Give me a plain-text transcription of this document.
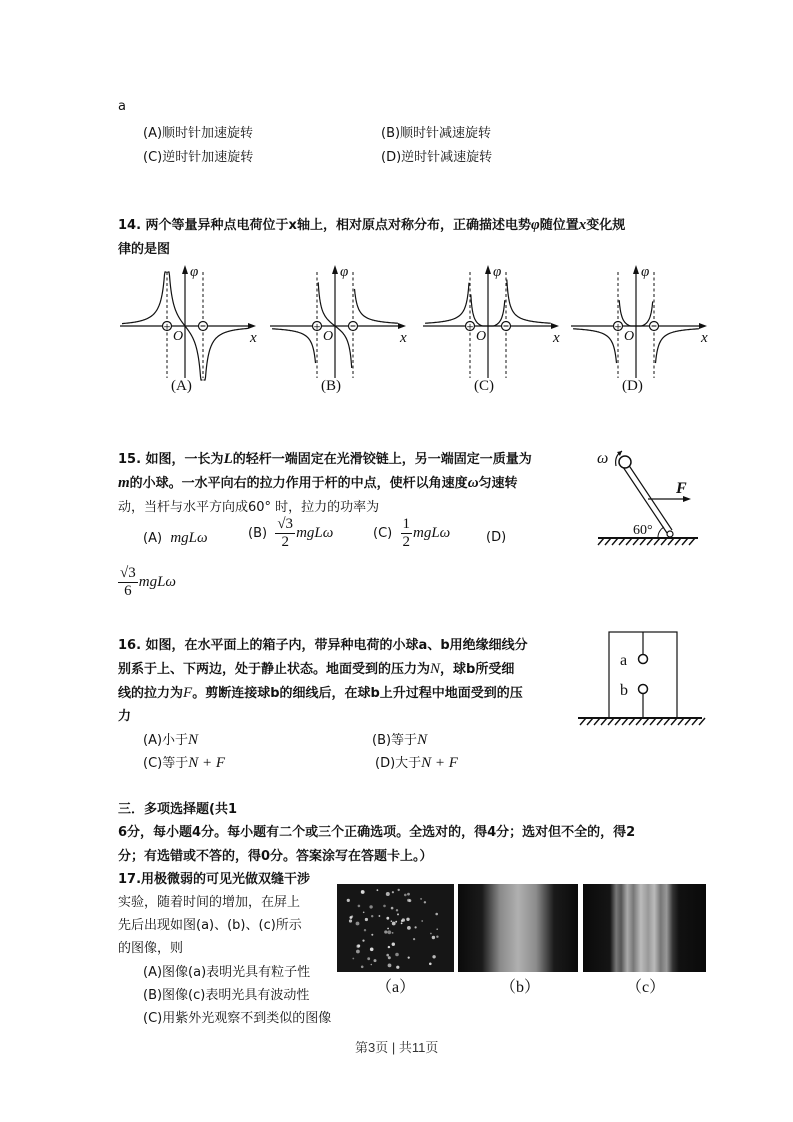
a
(A)顺时针加速旋转	(B)顺时针减速旋转
(C)逆时针加速旋转	(D)逆时针减速旋转
14. 两个等量异种点电荷位于x轴上，相对原点对称分布，正确描述电势φ随位置x变化规
律的是图
+
O
φ
x
(A)
+
O
φ
x
(B)
+
O
φ
x
(C)
+
O
φ
x
(D)
15. 如图，一长为L的轻杆一端固定在光滑铰链上，另一端固定一质量为
m的小球。一水平向右的拉力作用于杆的中点，使杆以角速度ω匀速转
动，当杆与水平方向成60° 时，拉力的功率为
(A) mgLω	$(B) \frac{√3}{2}$ mgLω	$(C) \frac{1}{2}$ mgLω	(D)
$\frac{√3}{6}$ mgLω
ω
F
60°
16. 如图，在水平面上的箱子内，带异种电荷的小球a、b用绝缘细线分
别系于上、下两边，处于静止状态。地面受到的压力为N，球b所受细
线的拉力为F。剪断连接球b的细线后，在球b上升过程中地面受到的压
力
(A)小于N	(B)等于N
(C)等于N + F	(D)大于N + F
a
b
三．多项选择题(共1
6分，每小题4分。每小题有二个或三个正确选项。全选对的，得4分；选对但不全的，得2
分；有选错或不答的，得0分。答案涂写在答题卡上。）
17.用极微弱的可见光做双缝干涉
实验，随着时间的增加，在屏上
先后出现如图(a)、(b)、(c)所示
的图像，则
(A)图像(a)表明光具有粒子性
(B)图像(c)表明光具有波动性
(C)用紫外光观察不到类似的图像
（a）	（b）	（c）
第3页 | 共11页
